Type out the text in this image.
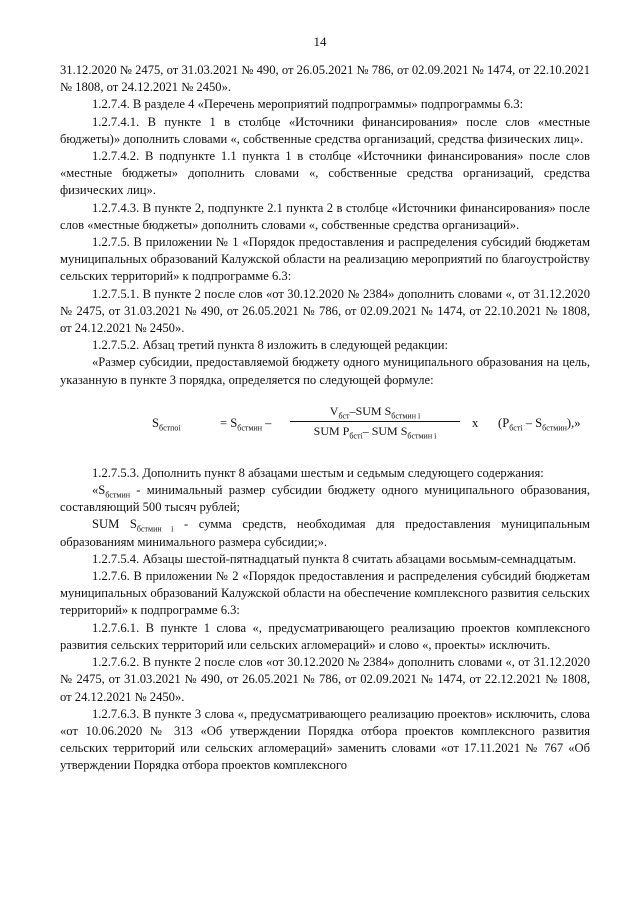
14

31.12.2020 № 2475, от 31.03.2021 № 490, от 26.05.2021 № 786, от 02.09.2021 № 1474, от 22.10.2021 № 1808, от 24.12.2021 № 2450».

1.2.7.4. В разделе 4 «Перечень мероприятий подпрограммы» подпрограммы 6.3:

1.2.7.4.1. В пункте 1 в столбце «Источники финансирования» после слов «местные бюджеты)» дополнить словами «, собственные средства организаций, средства физических лиц».

1.2.7.4.2. В подпункте 1.1 пункта 1 в столбце «Источники финансирования» после слов «местные бюджеты» дополнить словами «, собственные средства организаций, средства физических лиц».

1.2.7.4.3. В пункте 2, подпункте 2.1 пункта 2 в столбце «Источники финансирования» после слов «местные бюджеты» дополнить словами «, собственные средства организаций».

1.2.7.5. В приложении № 1 «Порядок предоставления и распределения субсидий бюджетам муниципальных образований Калужской области на реализацию мероприятий по благоустройству сельских территорий» к подпрограмме 6.3:

1.2.7.5.1. В пункте 2 после слов «от 30.12.2020 № 2384» дополнить словами «, от 31.12.2020 № 2475, от 31.03.2021 № 490, от 26.05.2021 № 786, от 02.09.2021 № 1474, от 22.10.2021 № 1808, от 24.12.2021 № 2450».

1.2.7.5.2. Абзац третий пункта 8 изложить в следующей редакции:

«Размер субсидии, предоставляемой бюджету одного муниципального образования на цель, указанную в пункте 3 порядка, определяется по следующей формуле:

$S_{бстпоi}$	= $S_{бстмин}$ –
$V_{бст}$–SUM $S_{бстмин i}$
SUM $P_{бстi}-$ SUM $S_{бстмин i}$
x $(P_{бстi} - S_{бстмин})$,»

1.2.7.5.3. Дополнить пункт 8 абзацами шестым и седьмым следующего содержания:

«$S_{бстмин}$ - минимальный размер субсидии бюджету одного муниципального образования, составляющий 500 тысяч рублей;

SUM $S_{бстмин i}$ - сумма средств, необходимая для предоставления муниципальным образованиям минимального размера субсидии;».

1.2.7.5.4. Абзацы шестой-пятнадцатый пункта 8 считать абзацами восьмым-семнадцатым.

1.2.7.6. В приложении № 2 «Порядок предоставления и распределения субсидий бюджетам муниципальных образований Калужской области на обеспечение комплексного развития сельских территорий» к подпрограмме 6.3:

1.2.7.6.1. В пункте 1 слова «, предусматривающего реализацию проектов комплексного развития сельских территорий или сельских агломераций» и слово «, проекты» исключить.

1.2.7.6.2. В пункте 2 после слов «от 30.12.2020 № 2384» дополнить словами «, от 31.12.2020 № 2475, от 31.03.2021 № 490, от 26.05.2021 № 786, от 02.09.2021 № 1474, от 22.12.2021 № 1808, от 24.12.2021 № 2450».

1.2.7.6.3. В пункте 3 слова «, предусматривающего реализацию проектов» исключить, слова «от 10.06.2020 № 313 «Об утверждении Порядка отбора проектов комплексного развития сельских территорий или сельских агломераций» заменить словами «от 17.11.2021 № 767 «Об утверждении Порядка отбора проектов комплексного
